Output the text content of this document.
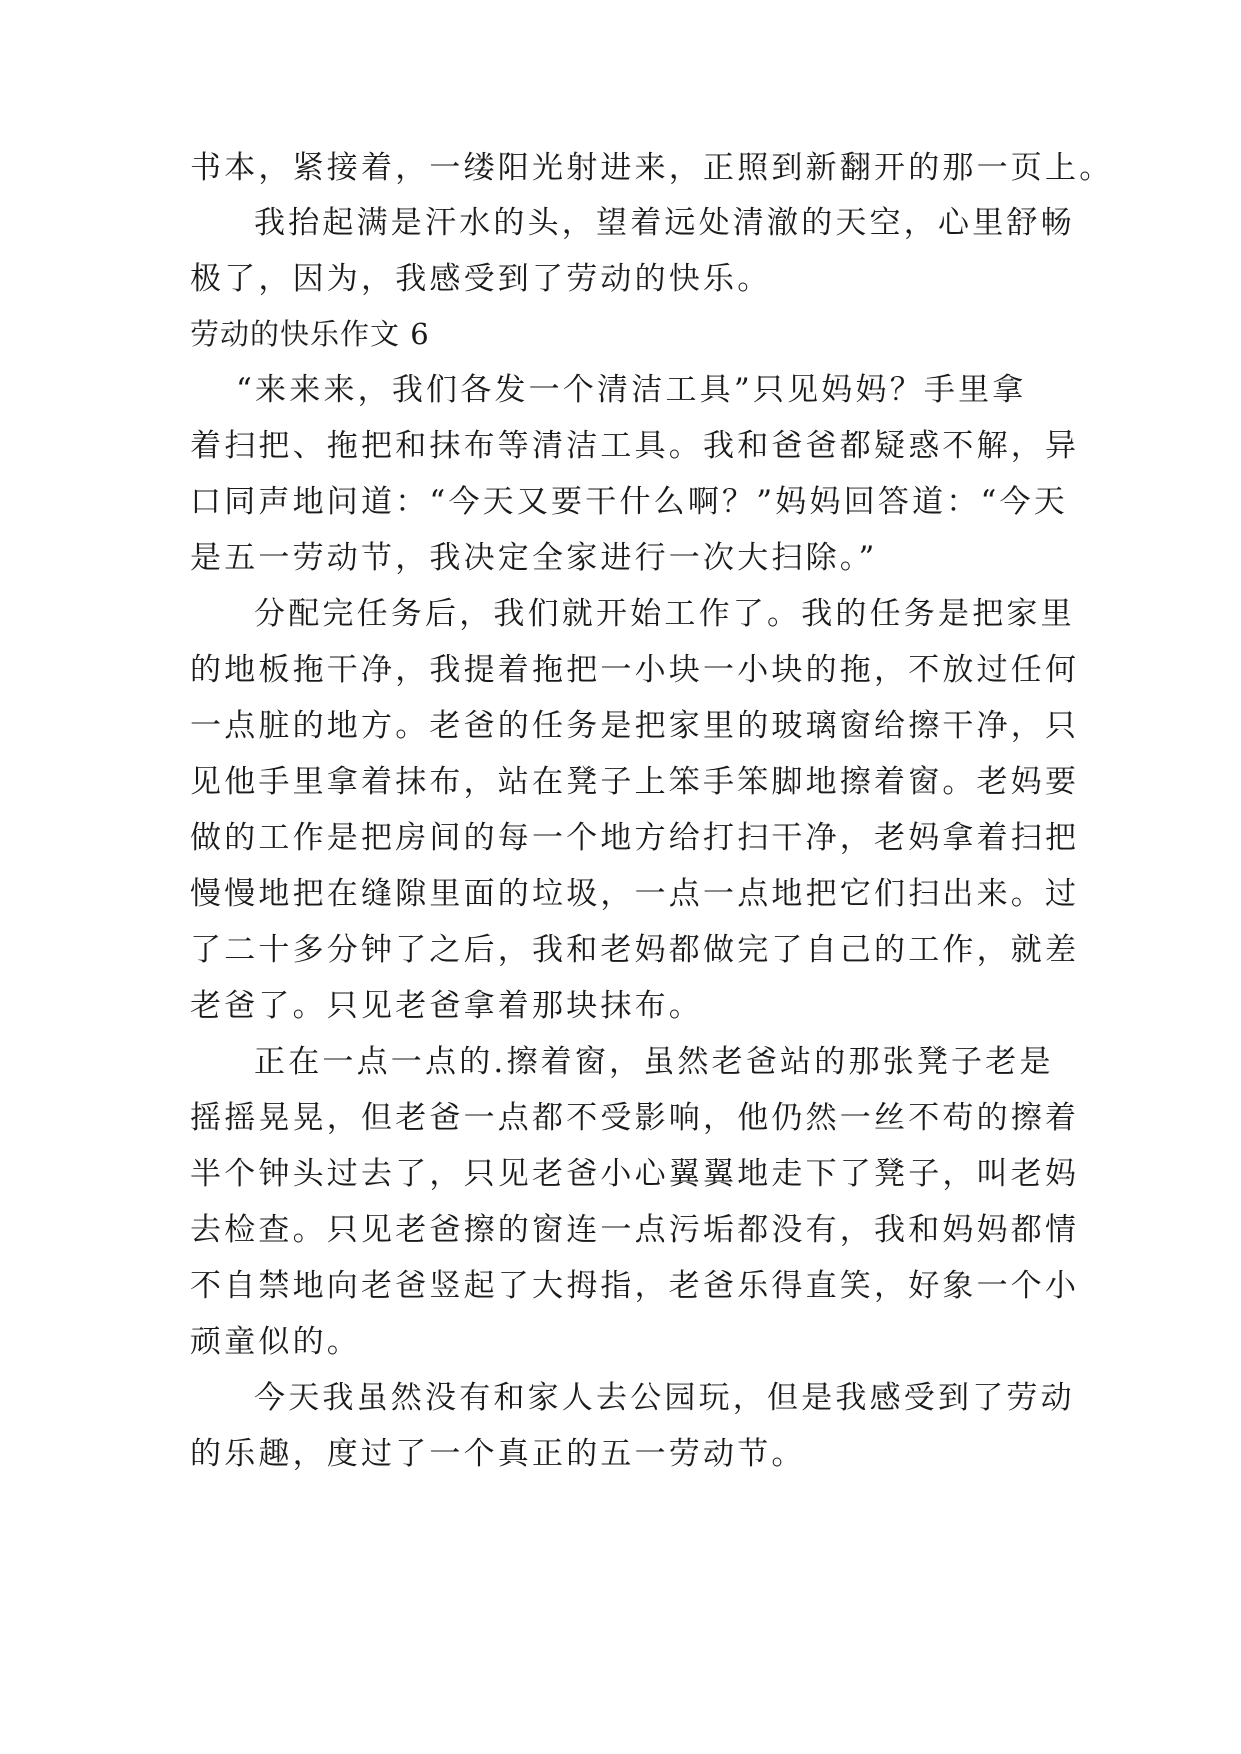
书本，紧接着，一缕阳光射进来，正照到新翻开的那一页上。
我抬起满是汗水的头，望着远处清澈的天空，心里舒畅
极了，因为，我感受到了劳动的快乐。
劳动的快乐作文 6
“来来来，我们各发一个清洁工具”只见妈妈？手里拿
着扫把、拖把和抹布等清洁工具。我和爸爸都疑惑不解，异
口同声地问道：“今天又要干什么啊？”妈妈回答道：“今天
是五一劳动节，我决定全家进行一次大扫除。”
分配完任务后，我们就开始工作了。我的任务是把家里
的地板拖干净，我提着拖把一小块一小块的拖，不放过任何
一点脏的地方。老爸的任务是把家里的玻璃窗给擦干净，只
见他手里拿着抹布，站在凳子上笨手笨脚地擦着窗。老妈要
做的工作是把房间的每一个地方给打扫干净，老妈拿着扫把
慢慢地把在缝隙里面的垃圾，一点一点地把它们扫出来。过
了二十多分钟了之后，我和老妈都做完了自己的工作，就差
老爸了。只见老爸拿着那块抹布。
正在一点一点的.擦着窗，虽然老爸站的那张凳子老是
摇摇晃晃，但老爸一点都不受影响，他仍然一丝不苟的擦着
半个钟头过去了，只见老爸小心翼翼地走下了凳子，叫老妈
去检查。只见老爸擦的窗连一点污垢都没有，我和妈妈都情
不自禁地向老爸竖起了大拇指，老爸乐得直笑，好象一个小
顽童似的。
今天我虽然没有和家人去公园玩，但是我感受到了劳动
的乐趣，度过了一个真正的五一劳动节。
